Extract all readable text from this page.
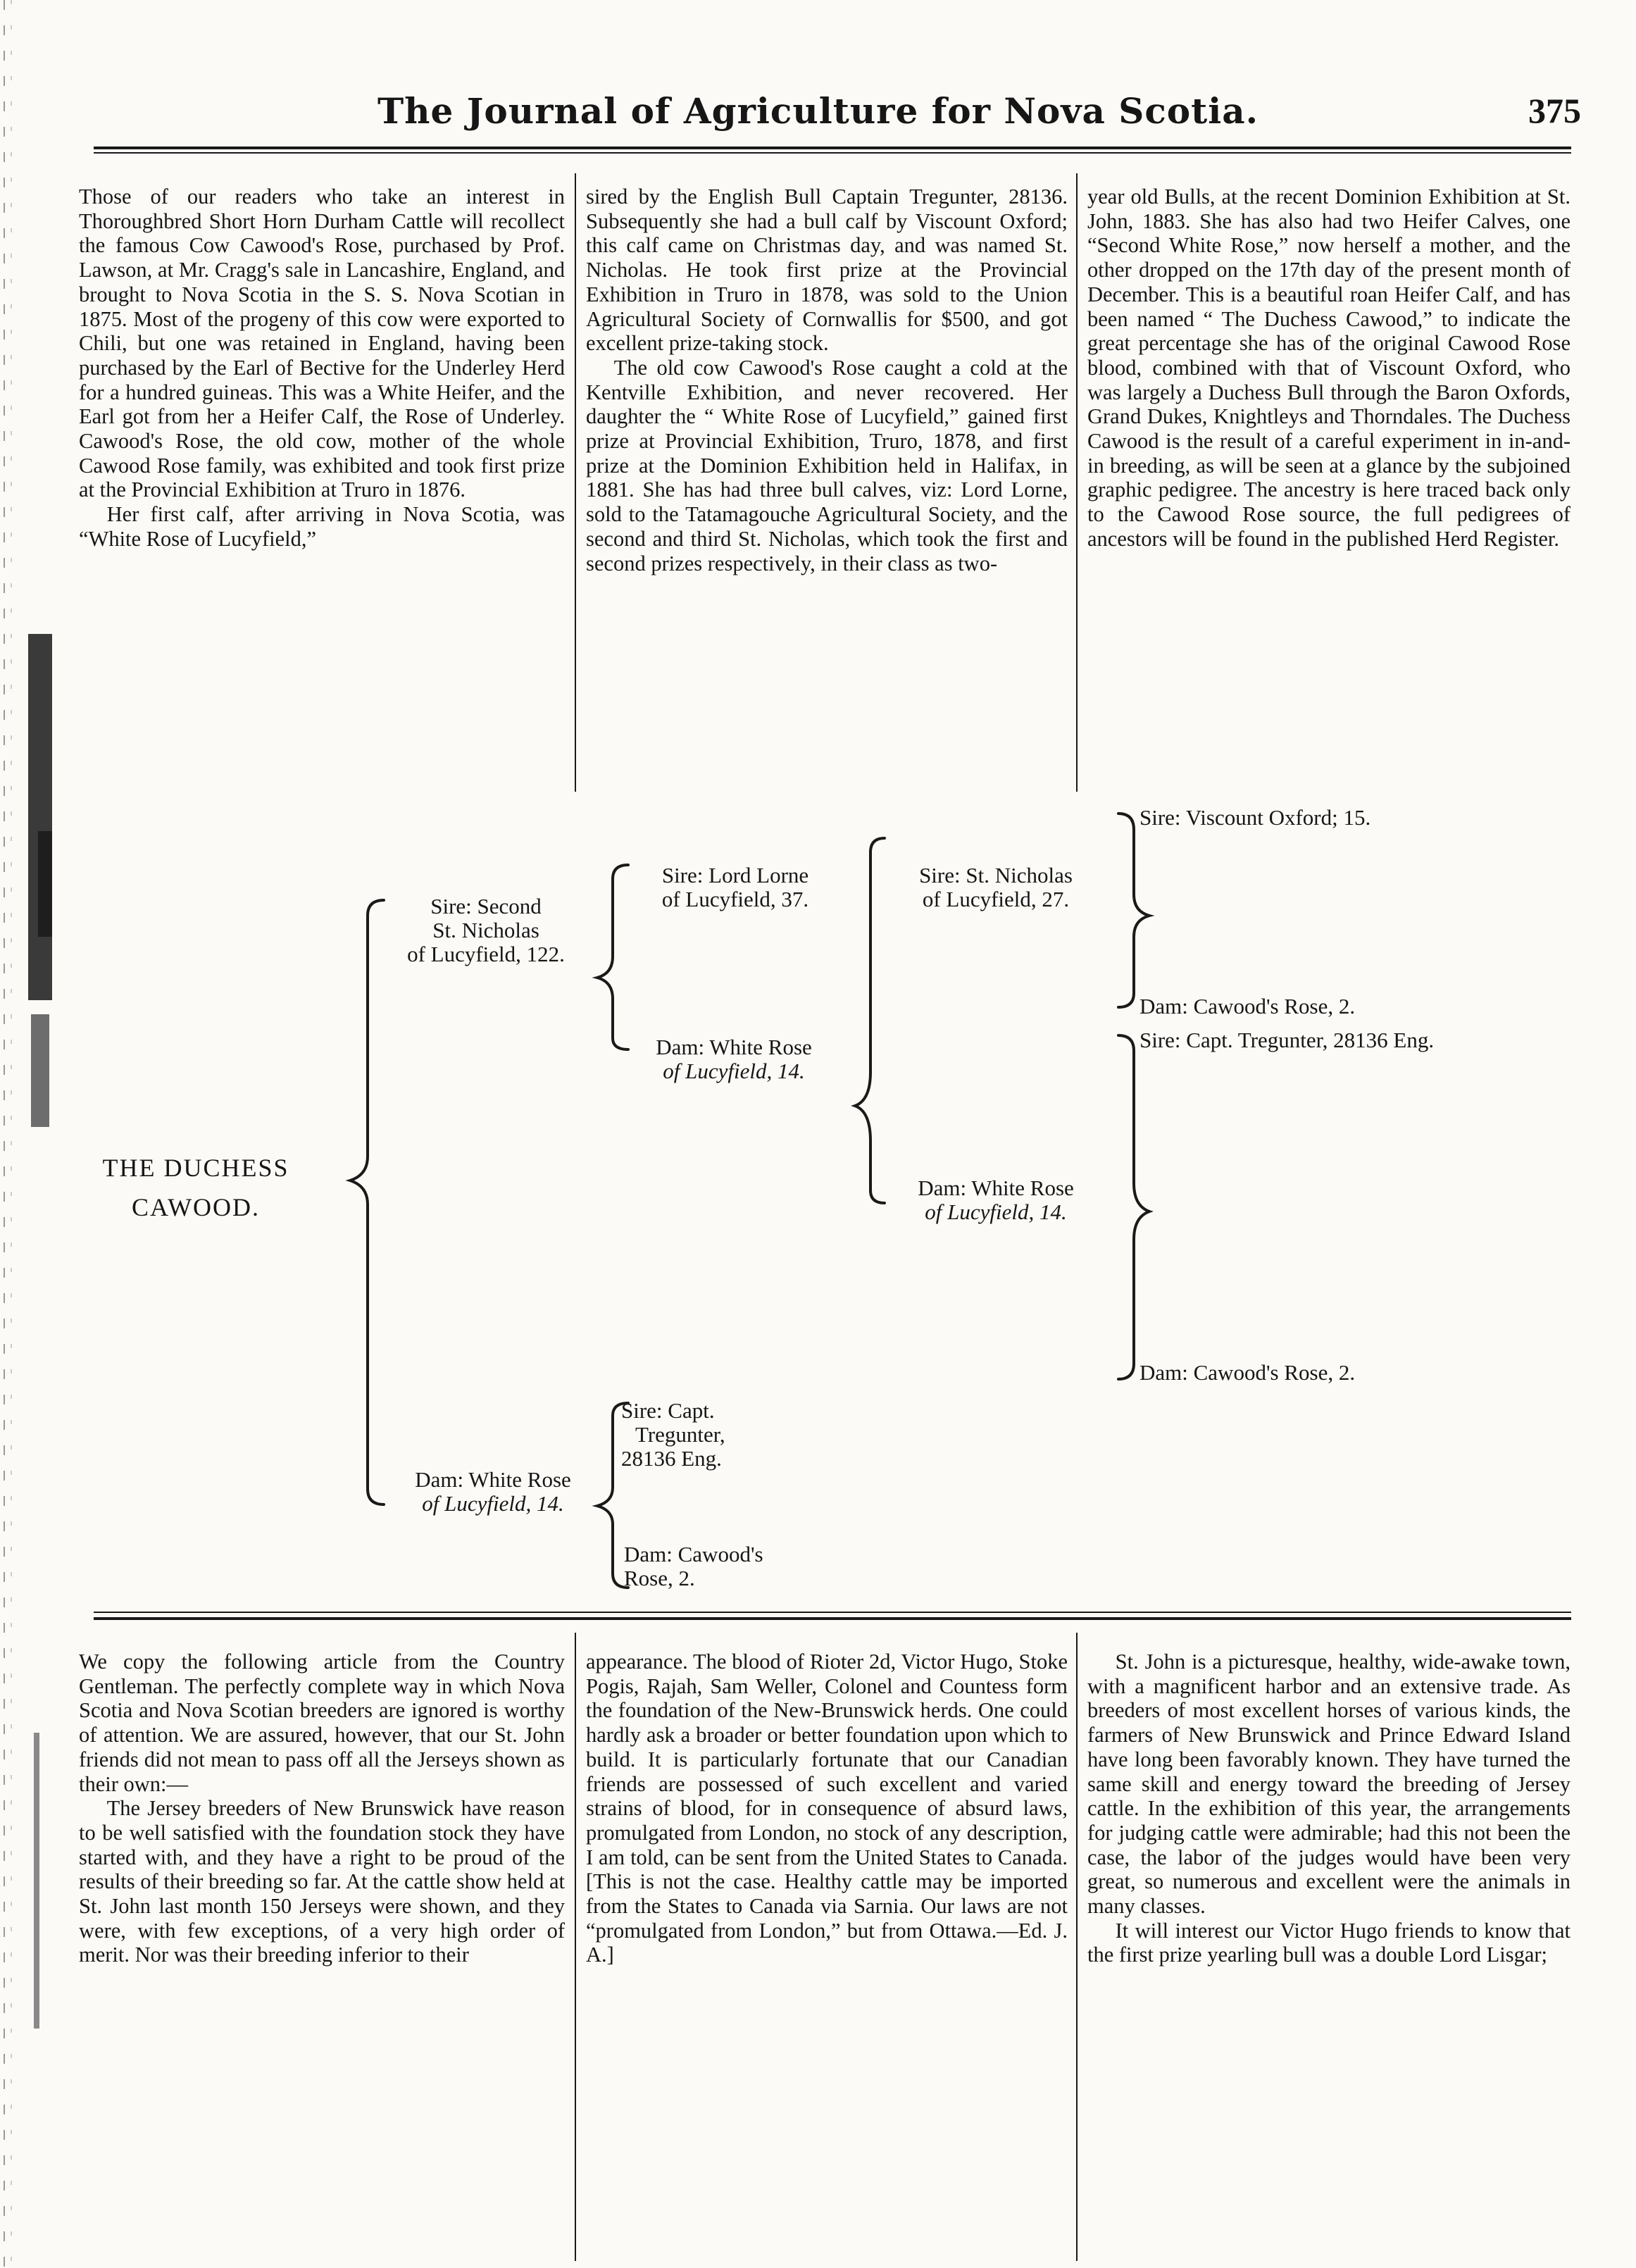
The Journal of Agriculture for Nova Scotia.	375

Those of our readers who take an interest in Thoroughbred Short Horn Durham Cattle will recollect the famous Cow Cawood's Rose, purchased by Prof. Lawson, at Mr. Cragg's sale in Lancashire, England, and brought to Nova Scotia in the S. S. Nova Scotian in 1875. Most of the progeny of this cow were exported to Chili, but one was retained in England, having been purchased by the Earl of Bective for the Underley Herd for a hundred guineas. This was a White Heifer, and the Earl got from her a Heifer Calf, the Rose of Underley. Cawood's Rose, the old cow, mother of the whole Cawood Rose family, was exhibited and took first prize at the Provincial Exhibition at Truro in 1876.

Her first calf, after arriving in Nova Scotia, was “White Rose of Lucyfield,”

sired by the English Bull Captain Tregunter, 28136. Subsequently she had a bull calf by Viscount Oxford; this calf came on Christmas day, and was named St. Nicholas. He took first prize at the Provincial Exhibition in Truro in 1878, was sold to the Union Agricultural Society of Cornwallis for $500, and got excellent prize-taking stock.

The old cow Cawood's Rose caught a cold at the Kentville Exhibition, and never recovered. Her daughter the “ White Rose of Lucyfield,” gained first prize at Provincial Exhibition, Truro, 1878, and first prize at the Dominion Exhibition held in Halifax, in 1881. She has had three bull calves, viz: Lord Lorne, sold to the Tatamagouche Agricultural Society, and the second and third St. Nicholas, which took the first and second prizes respectively, in their class as two-

year old Bulls, at the recent Dominion Exhibition at St. John, 1883. She has also had two Heifer Calves, one “Second White Rose,” now herself a mother, and the other dropped on the 17th day of the present month of December. This is a beautiful roan Heifer Calf, and has been named “ The Duchess Cawood,” to indicate the great percentage she has of the original Cawood Rose blood, combined with that of Viscount Oxford, who was largely a Duchess Bull through the Baron Oxfords, Grand Dukes, Knightleys and Thorndales. The Duchess Cawood is the result of a careful experiment in in-and-in breeding, as will be seen at a glance by the subjoined graphic pedigree. The ancestry is here traced back only to the Cawood Rose source, the full pedigrees of ancestors will be found in the published Herd Register.

THE DUCHESS
CAWOOD.
Sire: Second
St. Nicholas
of Lucyfield, 122.
Dam: White Rose
of Lucyfield, 14.
Sire: Lord Lorne
of Lucyfield, 37.
Dam: White Rose
of Lucyfield, 14.
Sire: St. Nicholas
of Lucyfield, 27.
Dam: White Rose
of Lucyfield, 14.
Sire: Viscount Oxford; 15.
Dam: Cawood's Rose, 2.
Sire: Capt. Tregunter, 28136 Eng.
Dam: Cawood's Rose, 2.
Sire: Capt.
Tregunter,
28136 Eng.
Dam: Cawood's
Rose, 2.

We copy the following article from the Country Gentleman. The perfectly complete way in which Nova Scotia and Nova Scotian breeders are ignored is worthy of attention. We are assured, however, that our St. John friends did not mean to pass off all the Jerseys shown as their own:—

The Jersey breeders of New Brunswick have reason to be well satisfied with the foundation stock they have started with, and they have a right to be proud of the results of their breeding so far. At the cattle show held at St. John last month 150 Jerseys were shown, and they were, with few exceptions, of a very high order of merit. Nor was their breeding inferior to their

appearance. The blood of Rioter 2d, Victor Hugo, Stoke Pogis, Rajah, Sam Weller, Colonel and Countess form the foundation of the New-Brunswick herds. One could hardly ask a broader or better foundation upon which to build. It is particularly fortunate that our Canadian friends are possessed of such excellent and varied strains of blood, for in consequence of absurd laws, promulgated from London, no stock of any description, I am told, can be sent from the United States to Canada. [This is not the case. Healthy cattle may be imported from the States to Canada via Sarnia. Our laws are not “promulgated from London,” but from Ottawa.—Ed. J. A.]

St. John is a picturesque, healthy, wide-awake town, with a magnificent harbor and an extensive trade. As breeders of most excellent horses of various kinds, the farmers of New Brunswick and Prince Edward Island have long been favorably known. They have turned the same skill and energy toward the breeding of Jersey cattle. In the exhibition of this year, the arrangements for judging cattle were admirable; had this not been the case, the labor of the judges would have been very great, so numerous and excellent were the animals in many classes.

It will interest our Victor Hugo friends to know that the first prize yearling bull was a double Lord Lisgar;
